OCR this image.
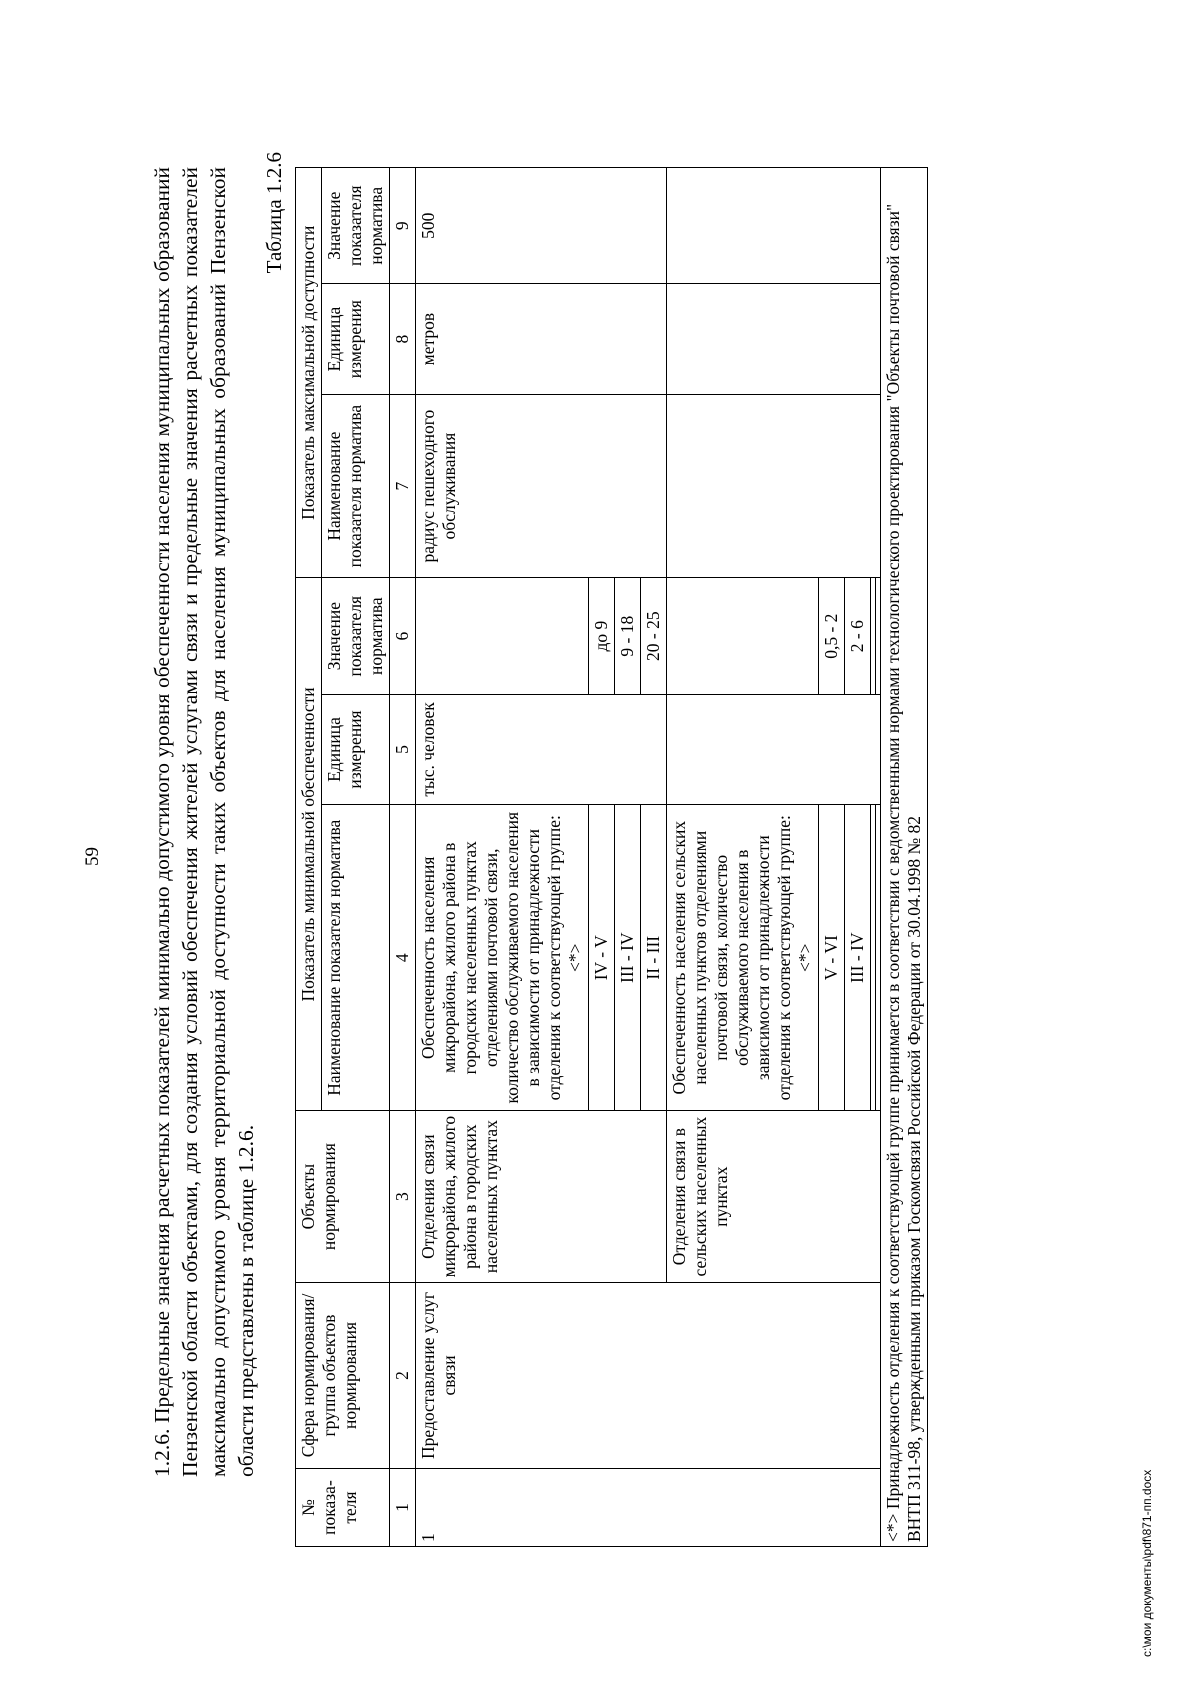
59 1.2.6. Предельные значения расчетных показателей минимально допустимого уровня обеспеченности населения муниципальных образований Пензенской области объектами, для создания условий обеспечения жителей услугами связи и предельные значения расчетных показателей максимально допустимого уровня территориальной доступности таких объектов для населения муниципальных образований Пензенской области представлены в таблице 1.2.6.
Таблица 1.2.6
№ показа-теля	Сфера нормирования/ группа объектов нормирования	Объекты нормирования	Показатель минимальной обеспеченности			Показатель максимальной доступности		
			Наименование показателя норматива	Единица измерения	Значение показателя норматива	Наименование показателя норматива	Единица измерения	Значение показателя норматива
1	2	3	4	5	6	7	8	9
1	Предоставление услуг связи	Отделения связи микрорайона, жилого района в городских населенных пунктах	Обеспеченность населения микрорайона, жилого района в городских населенных пунктах отделениями почтовой связи, количество обслуживаемого населения в зависимости от принадлежности отделения к соответствующей группе: <*>	тыс. человек		радиус пешеходного обслуживания	метров	500
			IV - V		до 9			
			III - IV		9 - 18			
			II - III		20 - 25			
		Отделения связи в сельских населенных пунктах	Обеспеченность населения сельских населенных пунктов отделениями почтовой связи, количество обслуживаемого населения в зависимости от принадлежности отделения к соответствующей группе: <*>					
			V - VI		0,5 - 2			
			III - IV		2 - 6			

<*> Принадлежность отделения к соответствующей группе принимается в соответствии с ведомственными нормами технологического проектирования "Объекты почтовой связи" ВНТП 311-98, утвержденными приказом Госкомсвязи Российской Федерации от 30.04.1998 № 82								
c:\мои документы\pdf\871-пп.docx
